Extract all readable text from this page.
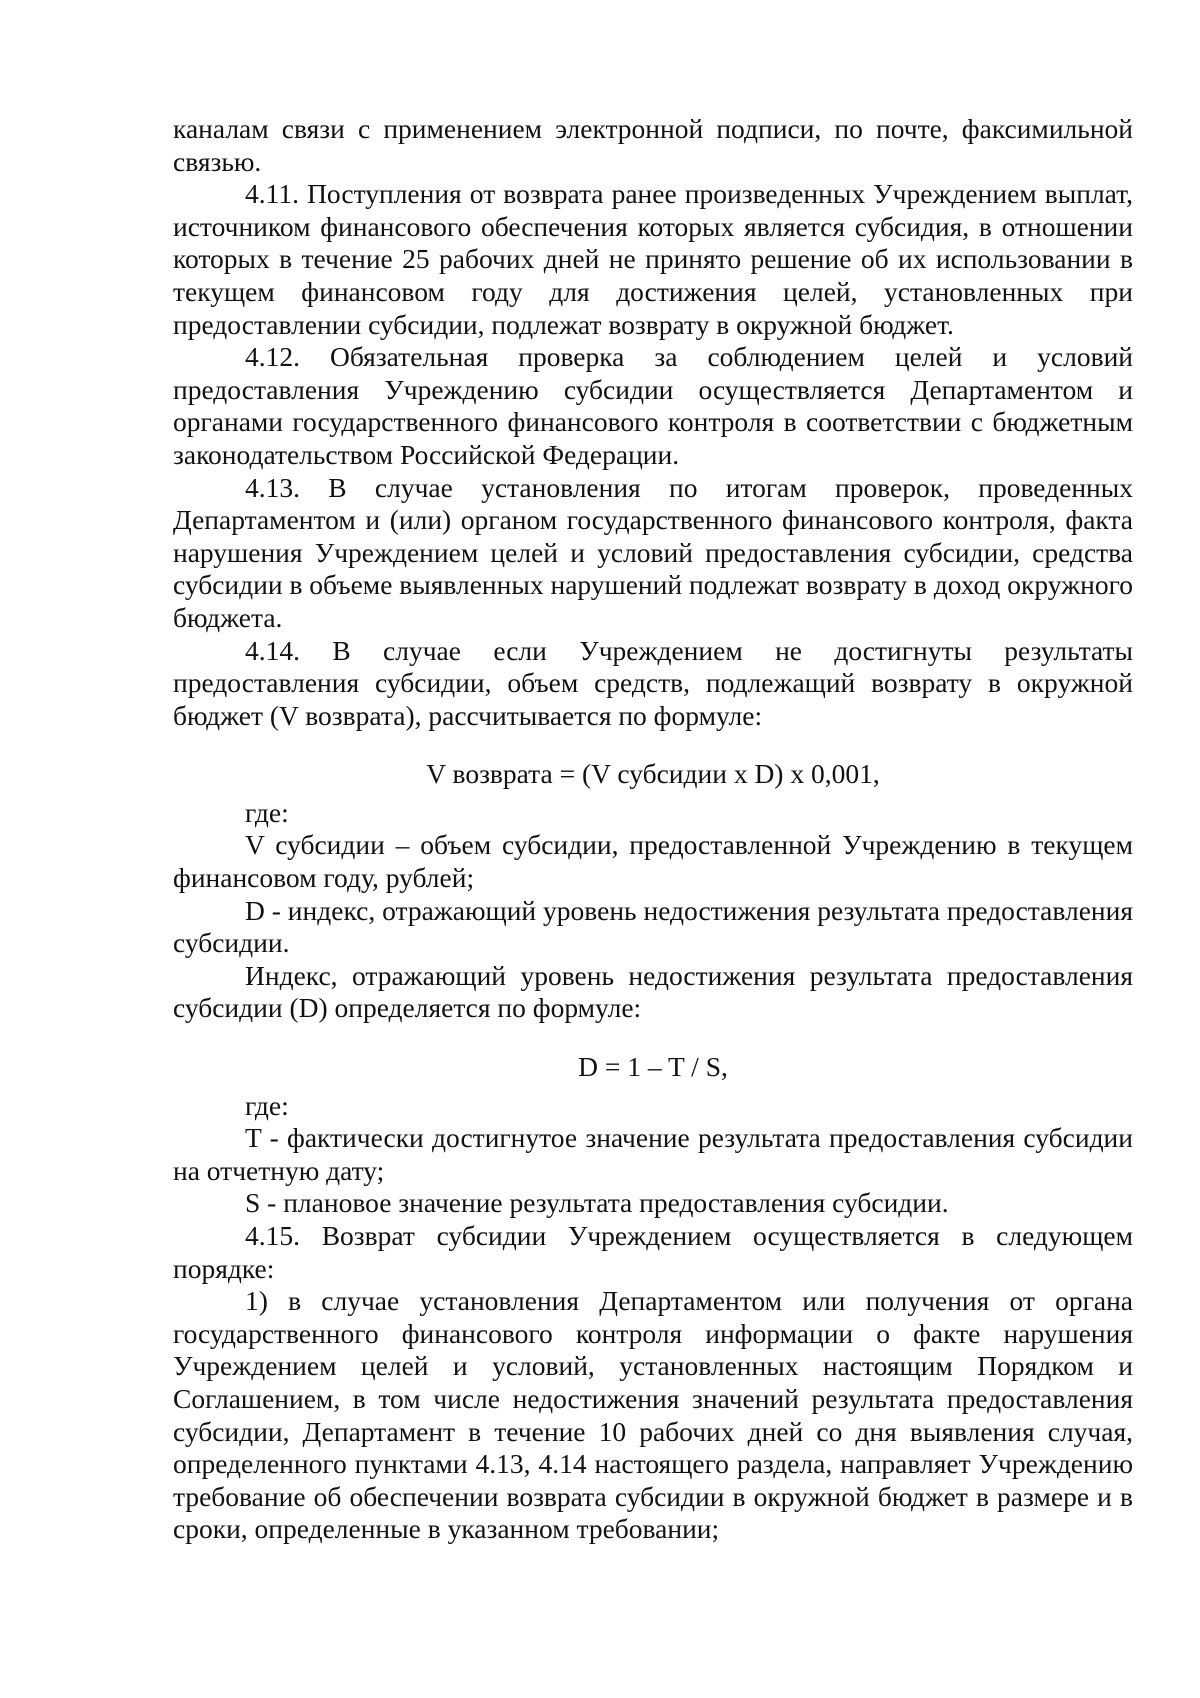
каналам связи с применением электронной подписи, по почте, факсимильной связью.

4.11. Поступления от возврата ранее произведенных Учреждением выплат, источником финансового обеспечения которых является субсидия, в отношении которых в течение 25 рабочих дней не принято решение об их использовании в текущем финансовом году для достижения целей, установленных при предоставлении субсидии, подлежат возврату в окружной бюджет.

4.12. Обязательная проверка за соблюдением целей и условий предоставления Учреждению субсидии осуществляется Департаментом и органами государственного финансового контроля в соответствии с бюджетным законодательством Российской Федерации.

4.13. В случае установления по итогам проверок, проведенных Департаментом и (или) органом государственного финансового контроля, факта нарушения Учреждением целей и условий предоставления субсидии, средства субсидии в объеме выявленных нарушений подлежат возврату в доход окружного бюджета.

4.14. В случае если Учреждением не достигнуты результаты предоставления субсидии, объем средств, подлежащий возврату в окружной бюджет (V возврата), рассчитывается по формуле:

V возврата = (V субсидии x D) x 0,001,

где:

V субсидии – объем субсидии, предоставленной Учреждению в текущем финансовом году, рублей;

D - индекс, отражающий уровень недостижения результата предоставления субсидии.

Индекс, отражающий уровень недостижения результата предоставления субсидии (D) определяется по формуле:

D = 1 – T / S,

где:

T - фактически достигнутое значение результата предоставления субсидии на отчетную дату;

S - плановое значение результата предоставления субсидии.

4.15. Возврат субсидии Учреждением осуществляется в следующем порядке:

1) в случае установления Департаментом или получения от органа государственного финансового контроля информации о факте нарушения Учреждением целей и условий, установленных настоящим Порядком и Соглашением, в том числе недостижения значений результата предоставления субсидии, Департамент в течение 10 рабочих дней со дня выявления случая, определенного пунктами 4.13, 4.14 настоящего раздела, направляет Учреждению требование об обеспечении возврата субсидии в окружной бюджет в размере и в сроки, определенные в указанном требовании;
